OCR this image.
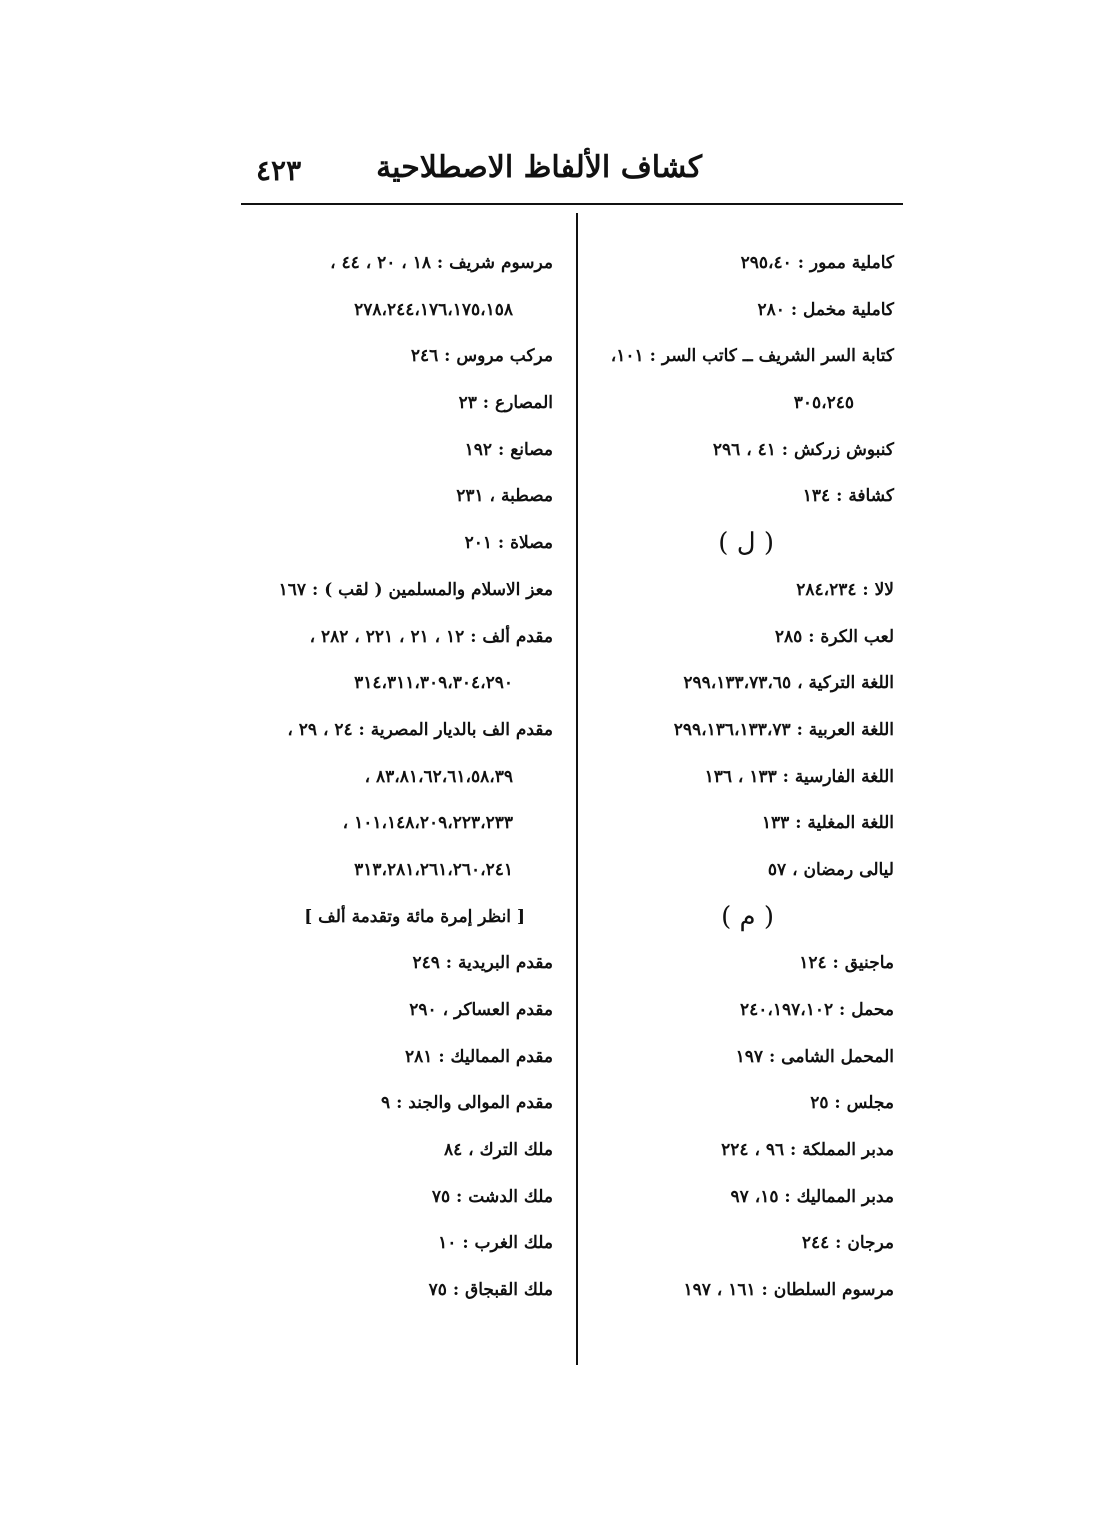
كشاف الألفاظ الاصطلاحية
٤٢٣
كاملية ممور : ٢٩٥،٤٠
كاملية مخمل : ٢٨٠
كتابة السر الشريف ــ كاتب السر : ١٠١،
٣٠٥،٢٤٥
كنبوش زركش : ٤١ ، ٢٩٦
كشافة : ١٣٤
( ل )
لالا : ٢٨٤،٢٣٤
لعب الكرة : ٢٨٥
اللغة التركية ، ٢٩٩،١٣٣،٧٣،٦٥
اللغة العربية : ٢٩٩،١٣٦،١٣٣،٧٣
اللغة الفارسية : ١٣٣ ، ١٣٦
اللغة المغلية : ١٣٣
ليالى رمضان ، ٥٧
( م )
ماجنيق : ١٢٤
محمل : ٢٤٠،١٩٧،١٠٢
المحمل الشامى : ١٩٧
مجلس : ٢٥
مدبر المملكة : ٩٦ ، ٢٢٤
مدبر المماليك : ١٥، ٩٧
مرجان : ٢٤٤
مرسوم السلطان : ١٦١ ، ١٩٧
مرسوم شريف : ١٨ ، ٢٠ ، ٤٤ ،
٢٧٨،٢٤٤،١٧٦،١٧٥،١٥٨
مركب مروس : ٢٤٦
المصارع : ٢٣
مصانع : ١٩٢
مصطبة ، ٢٣١
مصلاة : ٢٠١
معز الاسلام والمسلمين ( لقب ) : ١٦٧
مقدم ألف : ١٢ ، ٢١ ، ٢٢١ ، ٢٨٢ ،
٣١٤،٣١١،٣٠٩،٣٠٤،٢٩٠
مقدم الف بالديار المصرية : ٢٤ ، ٢٩ ،
٨٣،٨١،٦٢،٦١،٥٨،٣٩ ،
١٠١،١٤٨،٢٠٩،٢٢٣،٢٣٣ ،
٣١٣،٢٨١،٢٦١،٢٦٠،٢٤١
[ انظر إمرة مائة وتقدمة ألف ]
مقدم البريدية : ٢٤٩
مقدم العساكر ، ٢٩٠
مقدم المماليك : ٢٨١
مقدم الموالى والجند : ٩
ملك الترك ، ٨٤
ملك الدشت : ٧٥
ملك الغرب : ١٠
ملك القبجاق : ٧٥
